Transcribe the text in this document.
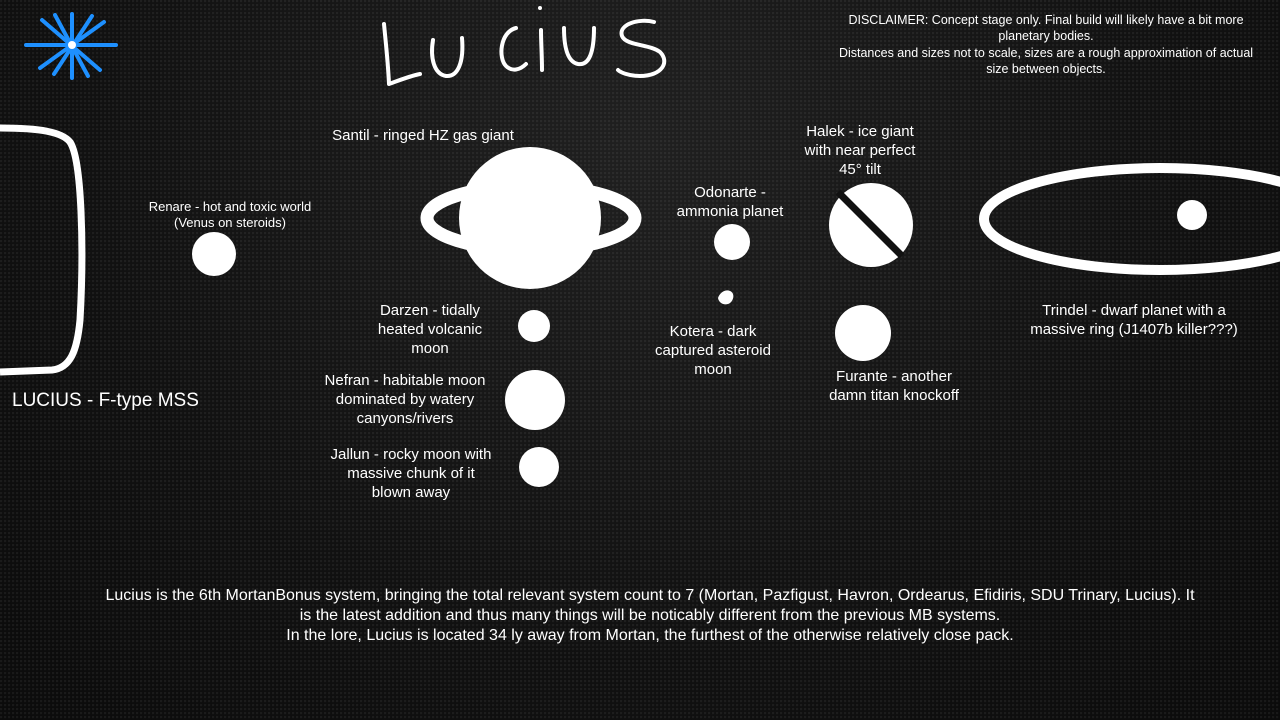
DISCLAIMER: Concept stage only. Final build will likely have a bit more planetary bodies.
Distances and sizes not to scale, sizes are a rough approximation of actual size between objects.
Renare - hot and toxic world
(Venus on steroids)
Santil - ringed HZ gas giant
Darzen - tidally
heated volcanic
moon
Nefran - habitable moon
dominated by watery
canyons/rivers
Jallun - rocky moon with
massive chunk of it
blown away
Odonarte -
ammonia planet
Kotera - dark
captured asteroid
moon
Halek - ice giant
with near perfect
45° tilt
Furante - another
damn titan knockoff
Trindel - dwarf planet with a
massive ring (J1407b killer???)
LUCIUS - F-type MSS
Lucius is the 6th MortanBonus system, bringing the total relevant system count to 7 (Mortan, Pazfigust, Havron, Ordearus, Efidiris, SDU Trinary, Lucius). It is the latest addition and thus many things will be noticably different from the previous MB systems.
In the lore, Lucius is located 34 ly away from Mortan, the furthest of the otherwise relatively close pack.
